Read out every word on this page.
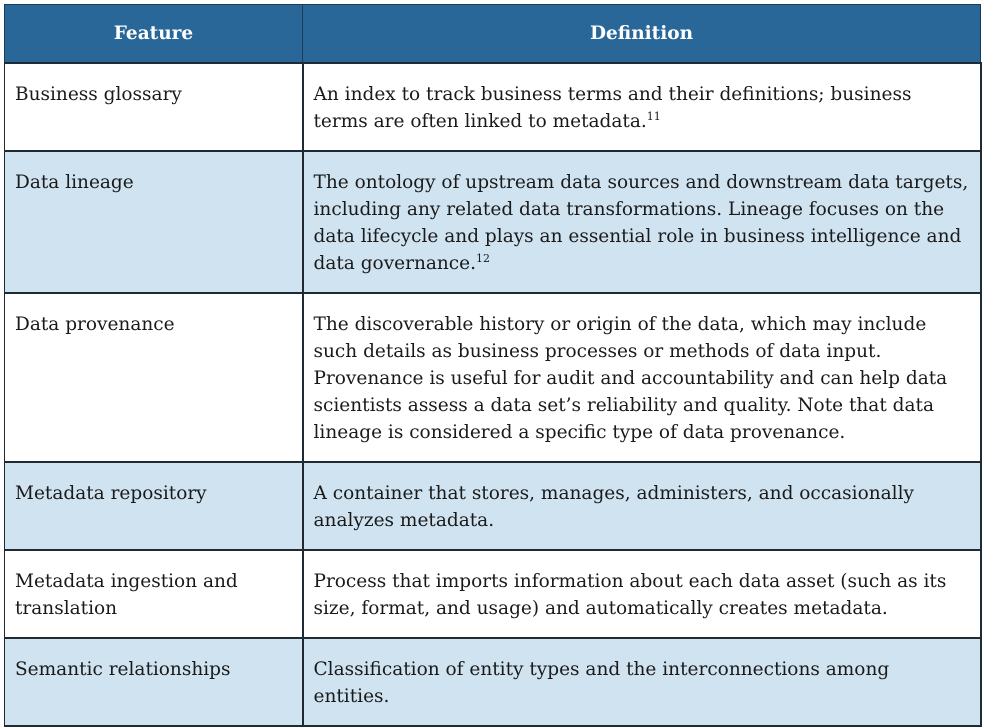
Feature	Definition
Business glossary	An index to track business terms and their definitions; business terms are often linked to metadata.$^{11}$
Data lineage	The ontology of upstream data sources and downstream data targets, including any related data transformations. Lineage focuses on the data lifecycle and plays an essential role in business intelligence and data governance.$^{12}$
Data provenance	The discoverable history or origin of the data, which may include such details as business processes or methods of data input. Provenance is useful for audit and accountability and can help data scientists assess a data set’s reliability and quality. Note that data lineage is considered a specific type of data provenance.
Metadata repository	A container that stores, manages, administers, and occasionally analyzes metadata.
Metadata ingestion and translation	Process that imports information about each data asset (such as its size, format, and usage) and automatically creates metadata.
Semantic relationships	Classification of entity types and the interconnections among entities.
